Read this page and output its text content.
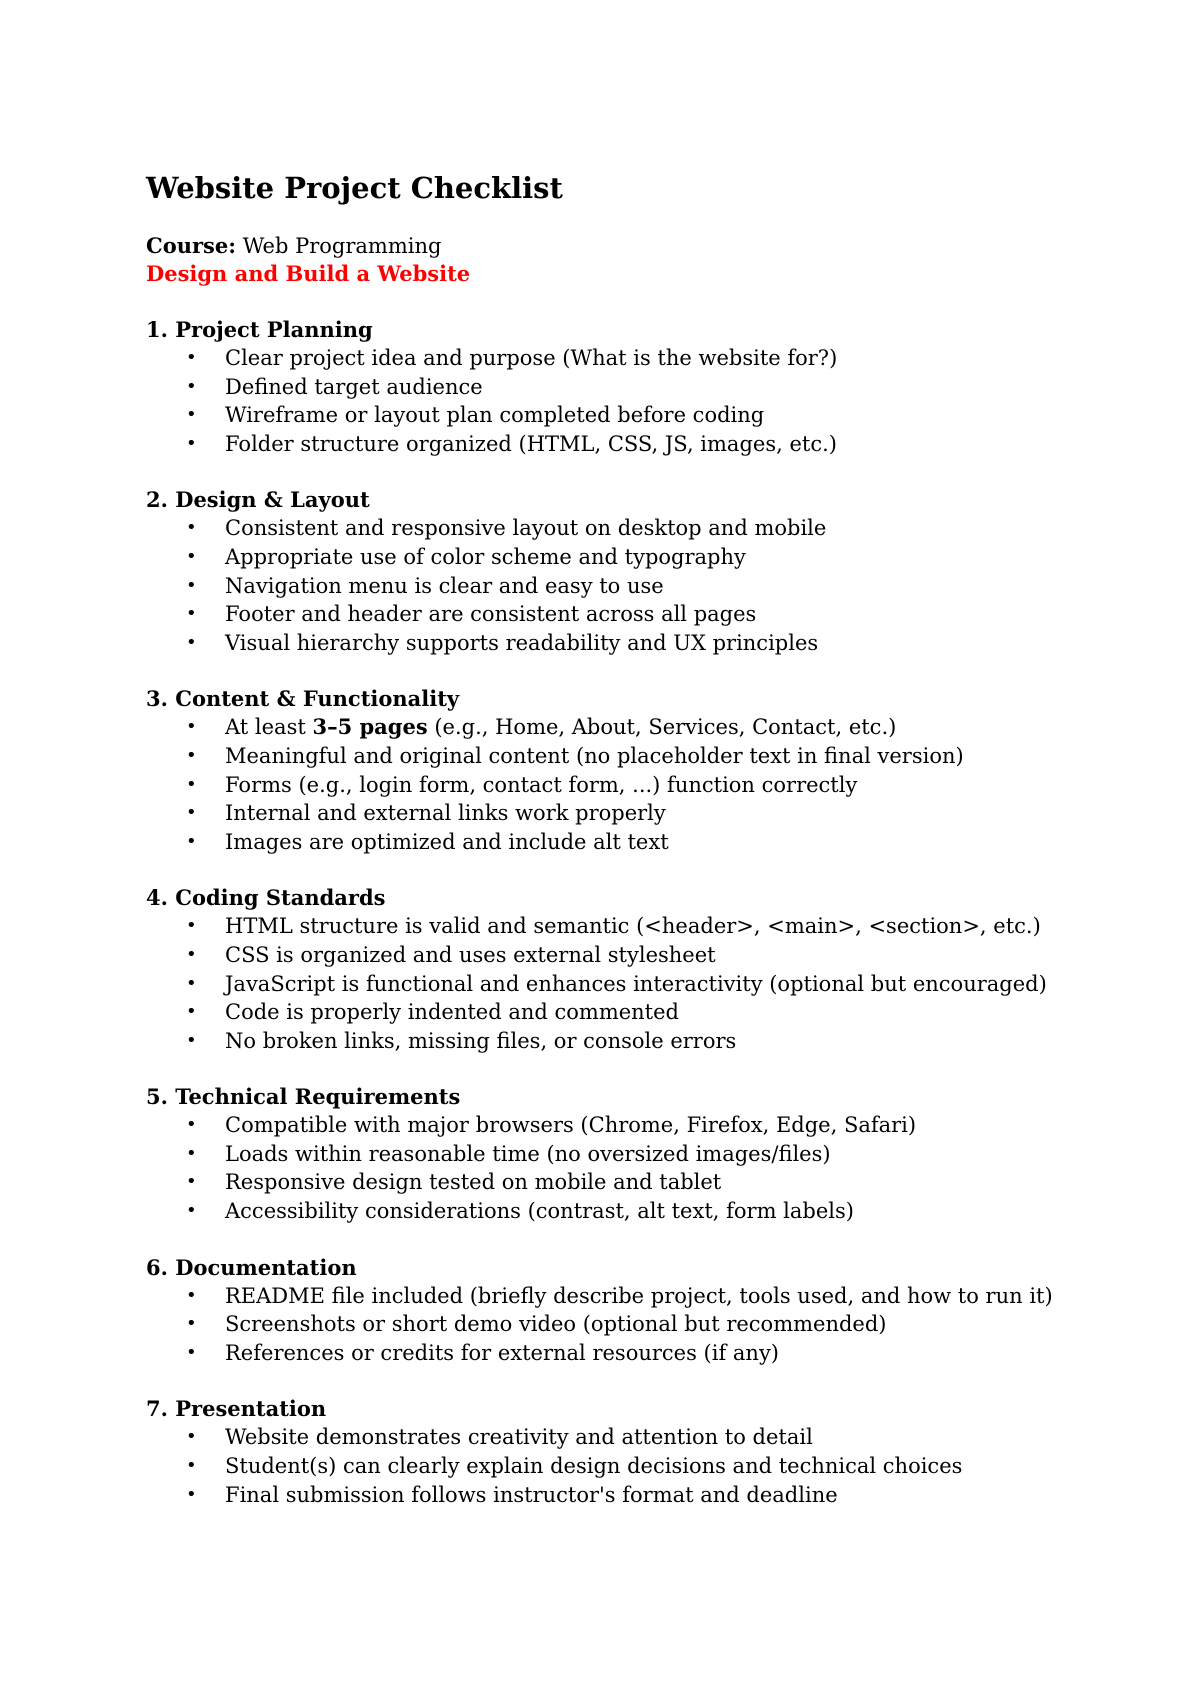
Website Project Checklist

Course: Web Programming

Design and Build a Website

1. Project Planning

• Clear project idea and purpose (What is the website for?)
• Defined target audience
• Wireframe or layout plan completed before coding
• Folder structure organized (HTML, CSS, JS, images, etc.)

2. Design & Layout

• Consistent and responsive layout on desktop and mobile
• Appropriate use of color scheme and typography
• Navigation menu is clear and easy to use
• Footer and header are consistent across all pages
• Visual hierarchy supports readability and UX principles

3. Content & Functionality

• At least 3–5 pages (e.g., Home, About, Services, Contact, etc.)
• Meaningful and original content (no placeholder text in final version)
• Forms (e.g., login form, contact form, ...) function correctly
• Internal and external links work properly
• Images are optimized and include alt text

4. Coding Standards

• HTML structure is valid and semantic (<header>, <main>, <section>, etc.)
• CSS is organized and uses external stylesheet
• JavaScript is functional and enhances interactivity (optional but encouraged)
• Code is properly indented and commented
• No broken links, missing files, or console errors

5. Technical Requirements

• Compatible with major browsers (Chrome, Firefox, Edge, Safari)
• Loads within reasonable time (no oversized images/files)
• Responsive design tested on mobile and tablet
• Accessibility considerations (contrast, alt text, form labels)

6. Documentation

• README file included (briefly describe project, tools used, and how to run it)
• Screenshots or short demo video (optional but recommended)
• References or credits for external resources (if any)

7. Presentation

• Website demonstrates creativity and attention to detail
• Student(s) can clearly explain design decisions and technical choices
• Final submission follows instructor's format and deadline
